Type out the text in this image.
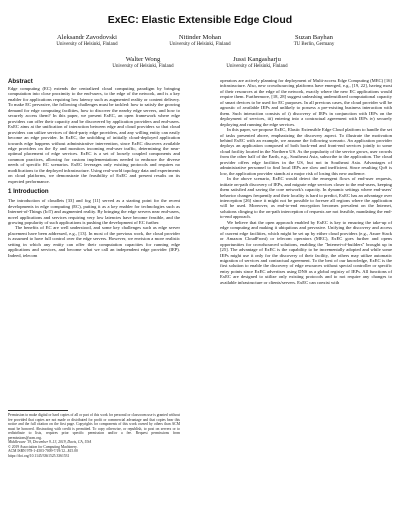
ExEC: Elastic Extensible Edge Cloud
Aleksandr Zavodovski
University of Helsinki, Finland
Nitinder Mohan
University of Helsinki, Finland
Suzan Bayhan
TU Berlin, Germany
Walter Wong
University of Helsinki, Finland
Jussi Kangasharju
University of Helsinki, Finland
Abstract

Edge computing (EC) extends the centralized cloud computing paradigm by bringing computation into close proximity to the end-users, to the edge of the network, and is a key enabler for applications requiring low latency such as augmented reality or content delivery. To make EC pervasive, the following challenges must be tackled: how to satisfy the growing demand for edge computing facilities, how to discover the nearby edge servers, and how to securely access them? In this paper, we present ExEC, an open framework where edge providers can offer their capacity and be discovered by application providers and end-users. ExEC aims at the unification of interaction between edge and cloud providers so that cloud providers can utilize services of third-party edge providers, and any willing entity can easily become an edge provider. In ExEC, the unfolding of initially cloud-deployed application towards edge happens without administrative intervention, since ExEC discovers available edge providers on the fly and monitors incoming end-user traffic, determining the near-optimal placement of edge services. ExEC is a set of loosely coupled components and common practices, allowing for custom implementations needed to embrace the diverse needs of specific EC scenarios. ExEC leverages only existing protocols and requires no modifications to the deployed infrastructure. Using real-world topology data and experiments on cloud platforms, we demonstrate the feasibility of ExEC and present results on its expected performance.

1 Introduction

The introduction of cloudlets [33] and fog [11] served as a starting point for the recent developments in edge computing (EC), putting it as a key enabler for technologies such as Internet-of-Things (IoT) and augmented reality. By bringing the edge servers near end-users, novel applications and services requiring very low latencies have become feasible, and the growing popularity of such applications is pushing the development of EC further.

The benefits of EC are well understood, and some key challenges such as edge server placement have been addressed, e.g., [13]. In most of the previous work, the cloud provider is assumed to have full control over the edge servers. However, we envision a more realistic setting in which any entity can offer their computation capacities for running edge applications and services, and become what we call an independent edge provider (IEP). Indeed, telecom

Permission to make digital or hard copies of all or part of this work for personal or classroom use is granted without fee provided that copies are not made or distributed for profit or commercial advantage and that copies bear this notice and the full citation on the first page. Copyrights for components of this work owned by others than ACM must be honored. Abstracting with credit is permitted. To copy otherwise, or republish, to post on servers or to redistribute to lists, requires prior specific permission and/or a fee. Request permissions from permissions@acm.org.
Middleware '19, December 9–13, 2019, Davis, CA, USA
© 2019 Association for Computing Machinery.
ACM ISBN 978-1-4503-7009-7/19/12...$15.00
https://doi.org/10.1145/3361525.3361531

operators are actively planning for deployment of Multi-access Edge Computing (MEC) [16] infrastructure. Also, new crowdsourcing platforms have emerged, e.g., [19, 22], having most of their resources at the edge of the network, exactly where the new EC applications would require them. Furthermore, [18, 28] suggest unleashing underutilized computational capacity of smart devices to be used for EC purposes. In all previous cases, the cloud provider will be agnostic of available IEPs and unlikely to possess a pre-existing business interaction with them. Such interaction consists of i) discovery of IEPs in conjunction with IEPs on the deployment of services, iii) entering into a contractual agreement with IEPs iv) securely deploying and running the edge services.

In this paper, we propose ExEC, Elastic Extensible Edge Cloud platform to handle the set of tasks presented above, emphasizing the discovery aspect. To illustrate the motivation behind ExEC with an example, we assume the following scenario. An application provider deploys an application composed of both back-end and front-end services jointly to some cloud facility located in the Northern US. As the popularity of the service grows, user crowds from the other half of the Earth, e.g., Southeast Asia, subscribe to the application. The cloud provider offers edge facilities in the US, but not in Southeast Asia. Advantages of administrative personnel to find local IEPs are slow and inefficient. Since resulting QoS is low, the application provider stands at a major risk of losing this new audience.

In the above scenario, ExEC would detect the emergent flows of end-user requests, initiate on-path discovery of IEPs, and migrate edge services closer to the end-users, keeping them satisfied and saving the core network's capacity. In dynamic settings where end-users' behavior changes frequently and their locality is hard to predict, ExEC has an advantage over interception [26] since it might not be possible to foresee all regions where the application will be used. Moreover, as end-to-end encryption becomes prevalent on the Internet, solutions clinging to the on-path interception of requests are not feasible, mandating the end-to-end approach.

We believe that the open approach enabled by ExEC is key to ensuring the take-up of edge computing and making it ubiquitous and pervasive. Unifying the discovery and access of current edge facilities, which might be set up by either cloud providers (e.g., Azure Stack or Amazon CloudFront) or telecom operators (MEC), ExEC goes further and opens opportunities for crowdsourced solutions, enabling the "Internet-of-builders" brought up in [25]. The advantage of ExEC is the capability to be incrementally adopted and while some IEPs might use it only for the discovery of their facility, the others may utilize automatic migration of services and contractual agreement. To the best of our knowledge, ExEC is the first solution to enable the discovery of edge resources without special controller or specific entry points since ExEC advertises using DNS as a global registry of IEPs. All functions of ExEC are designed to utilize only existing protocols and to not require any changes to available infrastructure or clients/servers. ExEC can coexist with
